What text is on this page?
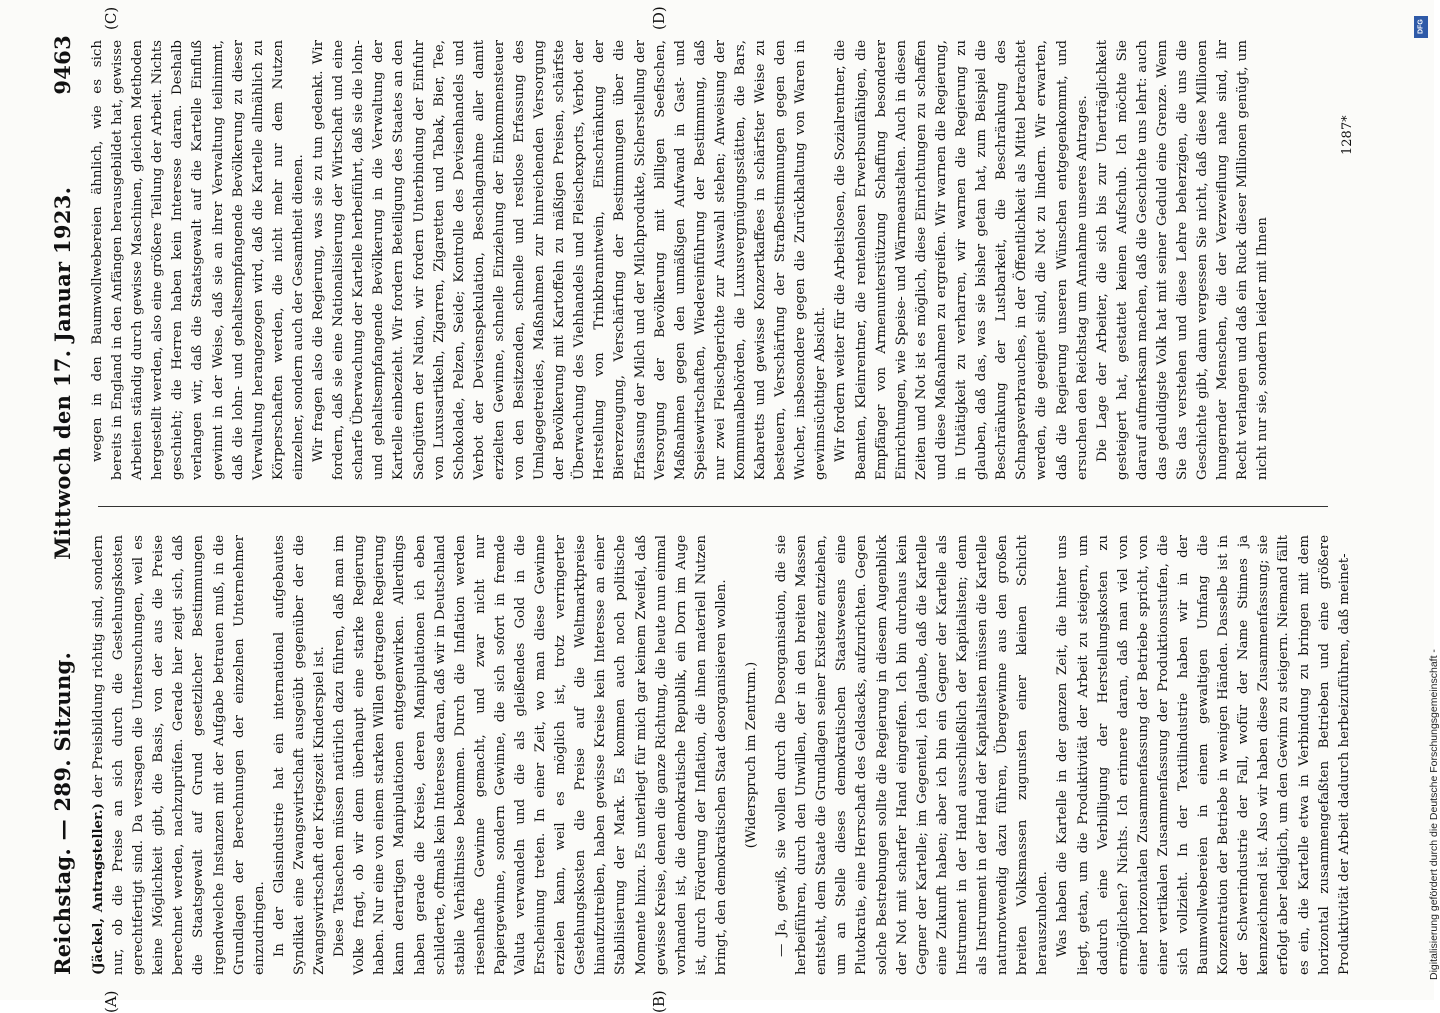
Reichstag. — 289. Sitzung.
Mittwoch den 17. Januar 1923.
9463
(A)	(B)
(C)	(D)

(Jäckel, Antragsteller.) der Preisbildung richtig sind, sondern nur, ob die Preise an sich durch die Gestehungskosten gerechtfertigt sind. Da versagen die Untersuchungen, weil es keine Möglichkeit gibt, die Basis, von der aus die Preise berechnet werden, nachzuprüfen. Gerade hier zeigt sich, daß die Staatsgewalt auf Grund gesetzlicher Bestimmungen irgendwelche Instanzen mit der Aufgabe betrauen muß, in die Grundlagen der Berechnungen der einzelnen Unternehmer einzudringen. In der Glasindustrie hat ein international aufgebautes Syndikat eine Zwangswirtschaft ausgeübt gegenüber der die Zwangswirtschaft der Kriegszeit Kinderspiel ist. Diese Tatsachen müssen natürlich dazu führen, daß man im Volke fragt, ob wir denn überhaupt eine starke Regierung haben. Nur eine von einem starken Willen getragene Regierung kann derartigen Manipulationen entgegenwirken. Allerdings haben gerade die Kreise, deren Manipulationen ich eben schilderte, oftmals kein Interesse daran, daß wir in Deutschland stabile Verhältnisse bekommen. Durch die Inflation werden riesenhafte Gewinne gemacht, und zwar nicht nur Papiergewinne, sondern Gewinne, die sich sofort in fremde Valuta verwandeln und die als gleißendes Gold in die Erscheinung treten. In einer Zeit, wo man diese Gewinne erzielen kann, weil es möglich ist, trotz verringerter Gestehungskosten die Preise auf die Weltmarktpreise hinaufzutreiben, haben gewisse Kreise kein Interesse an einer Stabilisierung der Mark. Es kommen auch noch politische Momente hinzu. Es unterliegt für mich gar keinem Zweifel, daß gewisse Kreise, denen die ganze Richtung, die heute nun einmal vorhanden ist, die demokratische Republik, ein Dorn im Auge ist, durch Förderung der Inflation, die ihnen materiell Nutzen bringt, den demokratischen Staat desorganisieren wollen. (Widerspruch im Zentrum.) — Ja, gewiß, sie wollen durch die Desorganisation, die sie herbeiführen, durch den Unwillen, der in den breiten Massen entsteht, dem Staate die Grundlagen seiner Existenz entziehen, um an Stelle dieses demokratischen Staatswesens eine Plutokratie, eine Herrschaft des Geldsacks, aufzurichten. Gegen solche Bestrebungen sollte die Regierung in diesem Augenblick der Not mit scharfer Hand eingreifen. Ich bin durchaus kein Gegner der Kartelle; im Gegenteil, ich glaube, daß die Kartelle eine Zukunft haben; aber ich bin ein Gegner der Kartelle als Instrument in der Hand ausschließlich der Kapitalisten; denn als Instrument in der Hand der Kapitalisten müssen die Kartelle naturnotwendig dazu führen, Übergewinne aus den großen breiten Volksmassen zugunsten einer kleinen Schicht herauszuholen. Was haben die Kartelle in der ganzen Zeit, die hinter uns liegt, getan, um die Produktivität der Arbeit zu steigern, um dadurch eine Verbilligung der Herstellungskosten zu ermöglichen? Nichts. Ich erinnere daran, daß man viel von einer horizontalen Zusammenfassung der Betriebe spricht, von einer vertikalen Zusammenfassung der Produktionsstufen, die sich vollzieht. In der Textilindustrie haben wir in der Baumwollwebereien in einem gewaltigen Umfang die Konzentration der Betriebe in wenigen Händen. Dasselbe ist in der Schwerindustrie der Fall, wofür der Name Stinnes ja kennzeichnend ist. Also wir haben diese Zusammenfassung; sie erfolgt aber lediglich, um den Gewinn zu steigern. Niemand fällt es ein, die Kartelle etwa in Verbindung zu bringen mit dem horizontal zusammengefaßten Betrieben und eine größere Produktivität der Arbeit dadurch herbeizuführen, daß meinet-

wegen in den Baumwollwebereien ähnlich, wie es sich bereits in England in den Anfängen herausgebildet hat, gewisse Arbeiten ständig durch gewisse Maschinen, gleichen Methoden hergestellt werden, also eine größere Teilung der Arbeit. Nichts geschieht; die Herren haben kein Interesse daran. Deshalb verlangen wir, daß die Staatsgewalt auf die Kartelle Einfluß gewinnt in der Weise, daß sie an ihrer Verwaltung teilnimmt, daß die lohn- und gehaltsempfangende Bevölkerung zu dieser Verwaltung herangezogen wird, daß die Kartelle allmählich zu Körperschaften werden, die nicht mehr nur dem Nutzen einzelner, sondern auch der Gesamtheit dienen. Wir fragen also die Regierung, was sie zu tun gedenkt. Wir fordern, daß sie eine Nationalisierung der Wirtschaft und eine scharfe Überwachung der Kartelle herbeiführt, daß sie die lohn- und gehaltsempfangende Bevölkerung in die Verwaltung der Kartelle einbezieht. Wir fordern Beteiligung des Staates an den Sachgütern der Nation, wir fordern Unterbindung der Einfuhr von Luxusartikeln, Zigarren, Zigaretten und Tabak, Bier, Tee, Schokolade, Pelzen, Seide; Kontrolle des Devisenhandels und Verbot der Devisenspekulation, Beschlagnahme aller damit erzielten Gewinne, schnelle Einziehung der Einkommensteuer von den Besitzenden, schnelle und restlose Erfassung des Umlagegetreides, Maßnahmen zur hinreichenden Versorgung der Bevölkerung mit Kartoffeln zu mäßigen Preisen, schärfste Überwachung des Viehhandels und Fleischexports, Verbot der Herstellung von Trinkbranntwein, Einschränkung der Biererzeugung, Verschärfung der Bestimmungen über die Erfassung der Milch und der Milchprodukte, Sicherstellung der Versorgung der Bevölkerung mit billigen Seefischen, Maßnahmen gegen den unmäßigen Aufwand in Gast- und Speisewirtschaften, Wiedereinführung der Bestimmung, daß nur zwei Fleischgerichte zur Auswahl stehen; Anweisung der Kommunalbehörden, die Luxusvergnügungsstätten, die Bars, Kabaretts und gewisse Konzertkaffees in schärfster Weise zu besteuern, Verschärfung der Strafbestimmungen gegen den Wucher, insbesondere gegen die Zurückhaltung von Waren in gewinnsüchtiger Absicht. Wir fordern weiter für die Arbeitslosen, die Sozialrentner, die Beamten, Kleinrentner, die rentenlosen Erwerbsunfähigen, die Empfänger von Armenunterstützung Schaffung besonderer Einrichtungen, wie Speise- und Wärmeanstalten. Auch in diesen Zeiten und Not ist es möglich, diese Einrichtungen zu schaffen und diese Maßnahmen zu ergreifen. Wir warnen die Regierung, in Untätigkeit zu verharren, wir warnen die Regierung zu glauben, daß das, was sie bisher getan hat, zum Beispiel die Beschränkung der Lustbarkeit, die Beschränkung des Schnapsverbrauches, in der Öffentlichkeit als Mittel betrachtet werden, die geeignet sind, die Not zu lindern. Wir erwarten, daß die Regierung unseren Wünschen entgegenkommt, und ersuchen den Reichstag um Annahme unseres Antrages. Die Lage der Arbeiter, die sich bis zur Unerträglichkeit gesteigert hat, gestattet keinen Aufschub. Ich möchte Sie darauf aufmerksam machen, daß die Geschichte uns lehrt: auch das geduldigste Volk hat mit seiner Geduld eine Grenze. Wenn Sie das verstehen und diese Lehre beherzigen, die uns die Geschichte gibt, dann vergessen Sie nicht, daß diese Millionen hungernder Menschen, die der Verzweiflung nahe sind, ihr Recht verlangen und daß ein Ruck dieser Millionen genügt, um nicht nur sie, sondern leider mit Ihnen

1287*
Digitalisierung gefördert durch die Deutsche Forschungsgemeinschaft -
DFG
